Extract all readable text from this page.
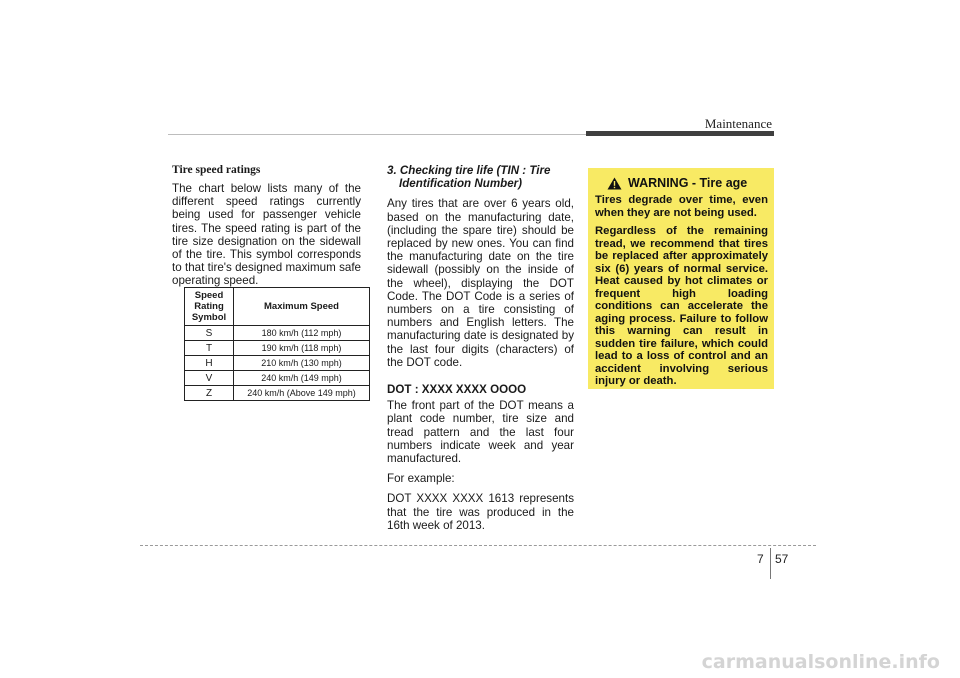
Maintenance
Tire speed ratings

The chart below lists many of the different speed ratings currently being used for passenger vehicle tires. The speed rating is part of the tire size designation on the sidewall of the tire. This symbol corresponds to that tire's designed maximum safe operating speed.

Speed
Rating
Symbol	Maximum Speed
S	180 km/h (112 mph)
T	190 km/h (118 mph)
H	210 km/h (130 mph)
V	240 km/h (149 mph)
Z	240 km/h (Above 149 mph)
3. Checking tire life (TIN : Tire
Identification Number)

Any tires that are over 6 years old, based on the manufacturing date, (including the spare tire) should be replaced by new ones. You can find the manufacturing date on the tire sidewall (possibly on the inside of the wheel), displaying the DOT Code. The DOT Code is a series of numbers on a tire consisting of numbers and English letters. The manufacturing date is designated by the last four digits (characters) of the DOT code.

DOT : XXXX XXXX OOOO

The front part of the DOT means a plant code number, tire size and tread pattern and the last four numbers indicate week and year manufactured.

For example:

DOT XXXX XXXX 1613 represents that the tire was produced in the 16th week of 2013.

WARNING - Tire age

Tires degrade over time, even when they are not being used.

Regardless of the remaining tread, we recommend that tires be replaced after approximately six (6) years of normal service. Heat caused by hot climates or frequent high loading conditions can accelerate the aging process. Failure to follow this warning can result in sudden tire failure, which could lead to a loss of control and an accident involving serious injury or death.

7 57
carmanualsonline.info
